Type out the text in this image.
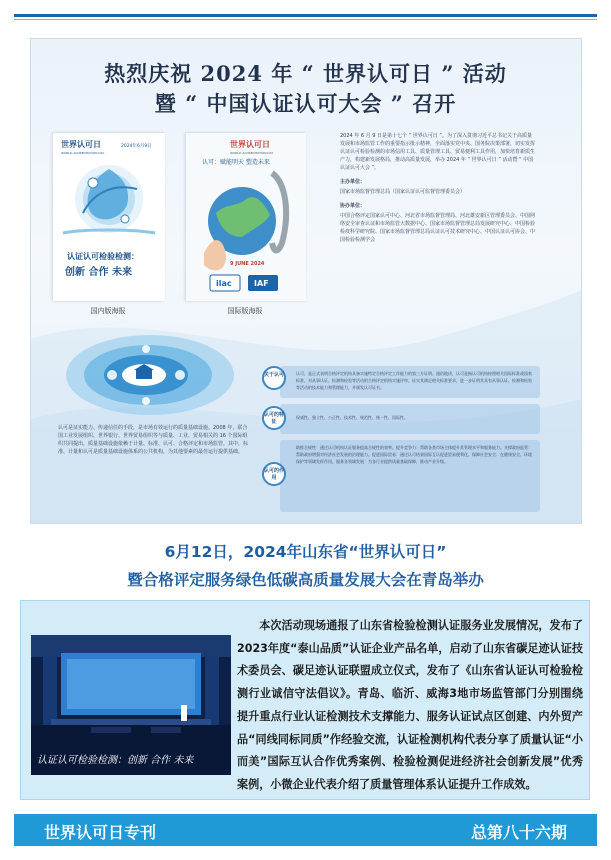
热烈庆祝 2024 年 “ 世界认可日 ” 活动
暨 “ 中国认证认可大会 ” 召开
世界认可日
WORLD ACCREDITATION DAY
2024年6月9日
认证认可检验检测：
创新 合作 未来
国内版海报
世界认可日
WORLD ACCREDITATION DAY
认可：赋能明天 塑造未来
9 JUNE 2024
ilac	IAF
国际版海报

2024 年 6 月 9 日是第十七个 “ 世界认可日 ”。为了深入贯彻习近平总书记关于高质量发展和市场监管工作的重要指示批示精神，全面落实党中央、国务院决策部署，切实发挥认证认可检验检测的市场信用工具、质量管理工具、贸易便利工具作用，加快培育新质生产力，构建新发展格局，推动高质量发展，举办 2024 年 “ 世界认可日 ” 活动暨 “ 中国认证认可大会 ”。

主办单位：

国家市场监督管理总局（国家认证认可监督管理委员会）

协办单位：

中国合格评定国家认可中心、河北省市场监督管理局、河北雄安新区管理委员会、中国网络安全审查认证和市场监管大数据中心、国家市场监督管理总局发展研究中心、中国检验检疫科学研究院、国家市场监督管理总局认证认可技术研究中心、中国认证认可协会、中国检验检测学会

认可是证实能力、传递信任的手段，是市场有效运行的质量基础设施。2008 年，联合国工业发展组织、世界银行、世界贸易组织等与质量、工业、贸易相关的 16 个国际组织共同提出，质量基础设施依赖于计量、标准、认可、合格评定和市场监管。其中，标准、计量和认可是质量基础设施体系的公共机构，为其他要素的最佳运行提供基础。
认可，是正式表明合格评定机构具备实施特定合格评定工作能力的第三方证明。通俗地讲，认可是指认可机构按照相关国际标准或国家标准，对从事认证、检测和检验等活动的合格评定机构实施评审，证实其满足相关标准要求，进一步证明其具有从事认证、检测和检验等活动的技术能力和管理能力，并颁发认可证书。
关于认可
权威性、独立性、公正性、技术性、规范性、统一性、国际性。
认可的特征
助推合规性：通过认可机构认证服务提高合规性的效率。提升竞争力：帮助各类市场主体提升其管理水平和服务能力。支撑政府监管：帮助政府增强对经济社会发展的治理能力。促进国际贸易：通过认可结果国际互认促进贸易便利化。保障社会安全：在健康安全、环境保护等领域发挥作用。服务各领域发展：为各行业提供质量基础保障，推动产业升级。
认可的作用
6月12日，2024年山东省“世界认可日”
暨合格评定服务绿色低碳高质量发展大会在青岛举办
认证认可检验检测：创新 合作 未来
本次活动现场通报了山东省检验检测认证服务业发展情况，发布了2023年度“泰山品质”认证企业产品名单，启动了山东省碳足迹认证技术委员会、碳足迹认证联盟成立仪式，发布了《山东省认证认可检验检测行业诚信守法倡议》。青岛、临沂、威海3地市场监管部门分别围绕提升重点行业认证检测技术支撑能力、服务认证试点区创建、内外贸产品“同线同标同质”作经验交流，认证检测机构代表分享了质量认证“小而美”国际互认合作优秀案例、检验检测促进经济社会创新发展”优秀案例，小微企业代表介绍了质量管理体系认证提升工作成效。
世界认可日专刊	总第八十六期
